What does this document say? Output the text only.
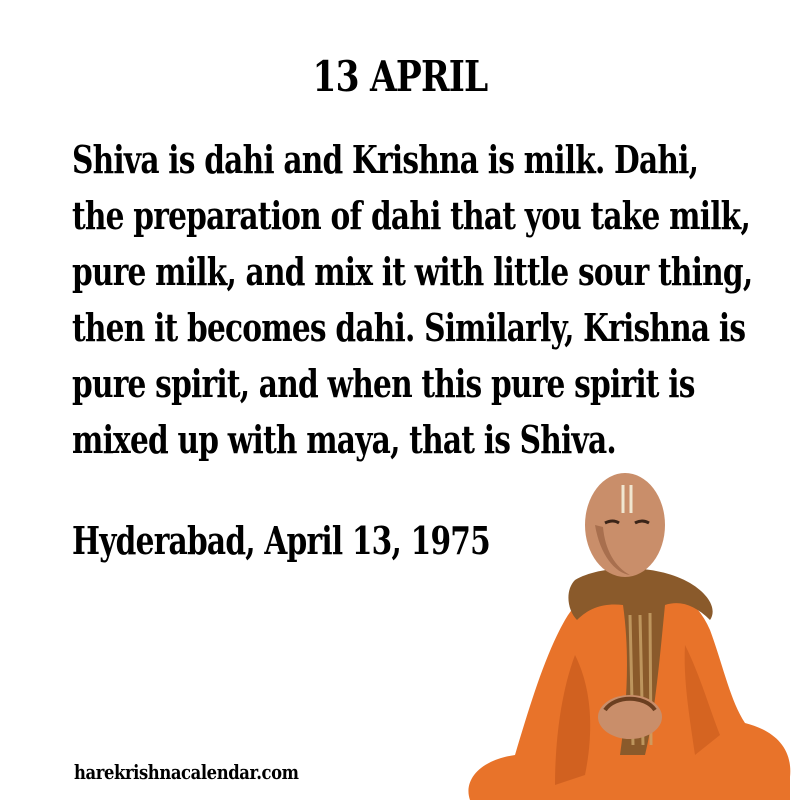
13 APRIL
Shiva is dahi and Krishna is milk. Dahi,
the preparation of dahi that you take milk,
pure milk, and mix it with little sour thing,
then it becomes dahi. Similarly, Krishna is
pure spirit, and when this pure spirit is
mixed up with maya, that is Shiva.
Hyderabad, April 13, 1975
harekrishnacalendar.com
